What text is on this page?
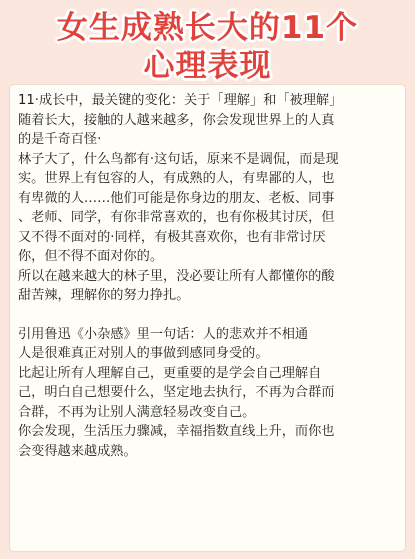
女生成熟长大的11个
心理表现

11·成长中，最关键的变化：关于「理解」和「被理解」

随着长大，接触的人越来越多，你会发现世界上的人真

的是千奇百怪·

林子大了，什么鸟都有·这句话，原来不是调侃，而是现

实。世界上有包容的人，有成熟的人，有卑鄙的人，也

有卑微的人……他们可能是你身边的朋友、老板、同事

、老师、同学，有你非常喜欢的，也有你极其讨厌，但

又不得不面对的·同样，有极其喜欢你，也有非常讨厌

你，但不得不面对你的。

所以在越来越大的林子里，没必要让所有人都懂你的酸

甜苦辣，理解你的努力挣扎。

引用鲁迅《小杂感》里一句话：人的悲欢并不相通

人是很难真正对别人的事做到感同身受的。

比起让所有人理解自己，更重要的是学会自己理解自

己，明白自己想要什么，坚定地去执行，不再为合群而

合群，不再为让别人满意轻易改变自己。

你会发现，生活压力骤减，幸福指数直线上升，而你也

会变得越来越成熟。
